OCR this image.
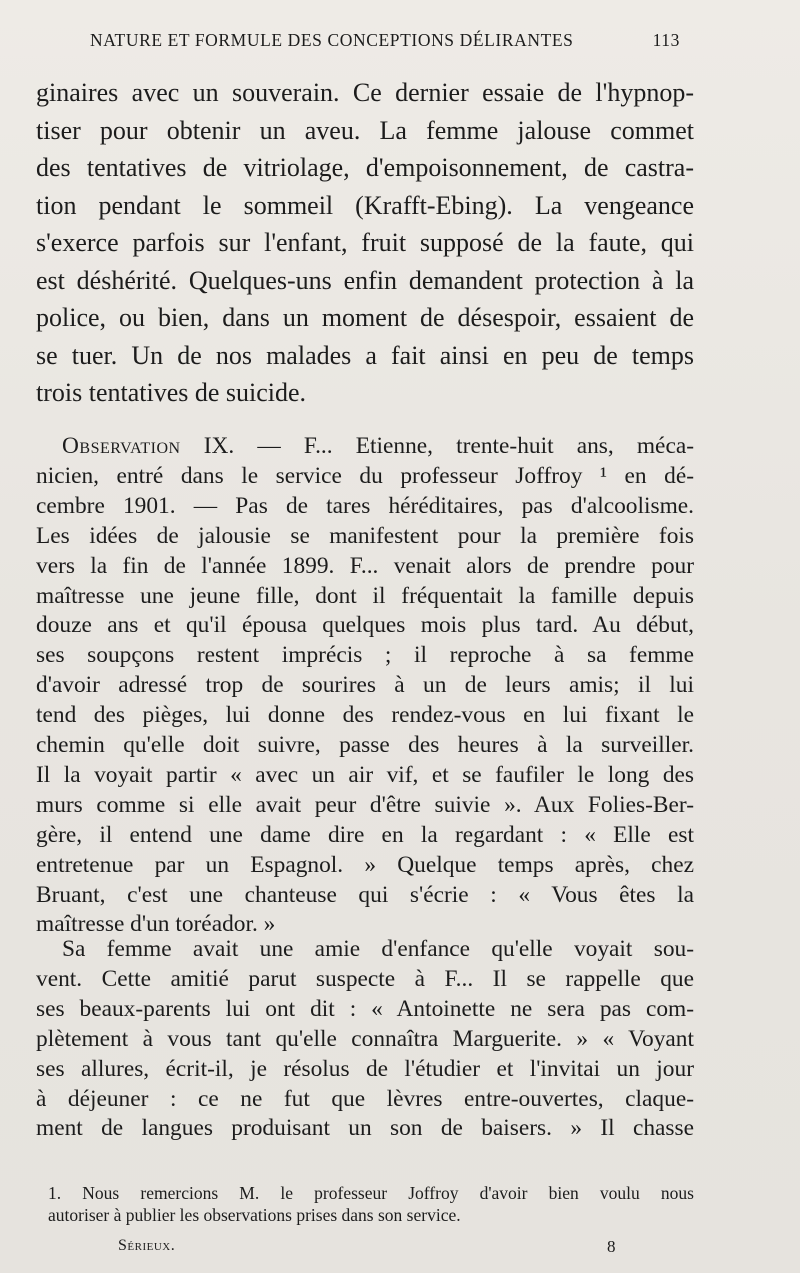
NATURE ET FORMULE DES CONCEPTIONS DÉLIRANTES	113
ginaires avec un souverain. Ce dernier essaie de l'hypnop-
tiser pour obtenir un aveu. La femme jalouse commet
des tentatives de vitriolage, d'empoisonnement, de castra-
tion pendant le sommeil (Krafft-Ebing). La vengeance
s'exerce parfois sur l'enfant, fruit supposé de la faute, qui
est déshérité. Quelques-uns enfin demandent protection à la
police, ou bien, dans un moment de désespoir, essaient de
se tuer. Un de nos malades a fait ainsi en peu de temps
trois tentatives de suicide.
Observation IX. — F... Etienne, trente-huit ans, méca-
nicien, entré dans le service du professeur Joffroy ¹ en dé-
cembre 1901. — Pas de tares héréditaires, pas d'alcoolisme.
Les idées de jalousie se manifestent pour la première fois
vers la fin de l'année 1899. F... venait alors de prendre pour
maîtresse une jeune fille, dont il fréquentait la famille depuis
douze ans et qu'il épousa quelques mois plus tard. Au début,
ses soupçons restent imprécis ; il reproche à sa femme
d'avoir adressé trop de sourires à un de leurs amis; il lui
tend des pièges, lui donne des rendez-vous en lui fixant le
chemin qu'elle doit suivre, passe des heures à la surveiller.
Il la voyait partir « avec un air vif, et se faufiler le long des
murs comme si elle avait peur d'être suivie ». Aux Folies-Ber-
gère, il entend une dame dire en la regardant : « Elle est
entretenue par un Espagnol. » Quelque temps après, chez
Bruant, c'est une chanteuse qui s'écrie : « Vous êtes la
maîtresse d'un toréador. »
Sa femme avait une amie d'enfance qu'elle voyait sou-
vent. Cette amitié parut suspecte à F... Il se rappelle que
ses beaux-parents lui ont dit : « Antoinette ne sera pas com-
plètement à vous tant qu'elle connaîtra Marguerite. » « Voyant
ses allures, écrit-il, je résolus de l'étudier et l'invitai un jour
à déjeuner : ce ne fut que lèvres entre-ouvertes, claque-
ment de langues produisant un son de baisers. » Il chasse
1. Nous remercions M. le professeur Joffroy d'avoir bien voulu nous
autoriser à publier les observations prises dans son service.
Sérieux.	8
